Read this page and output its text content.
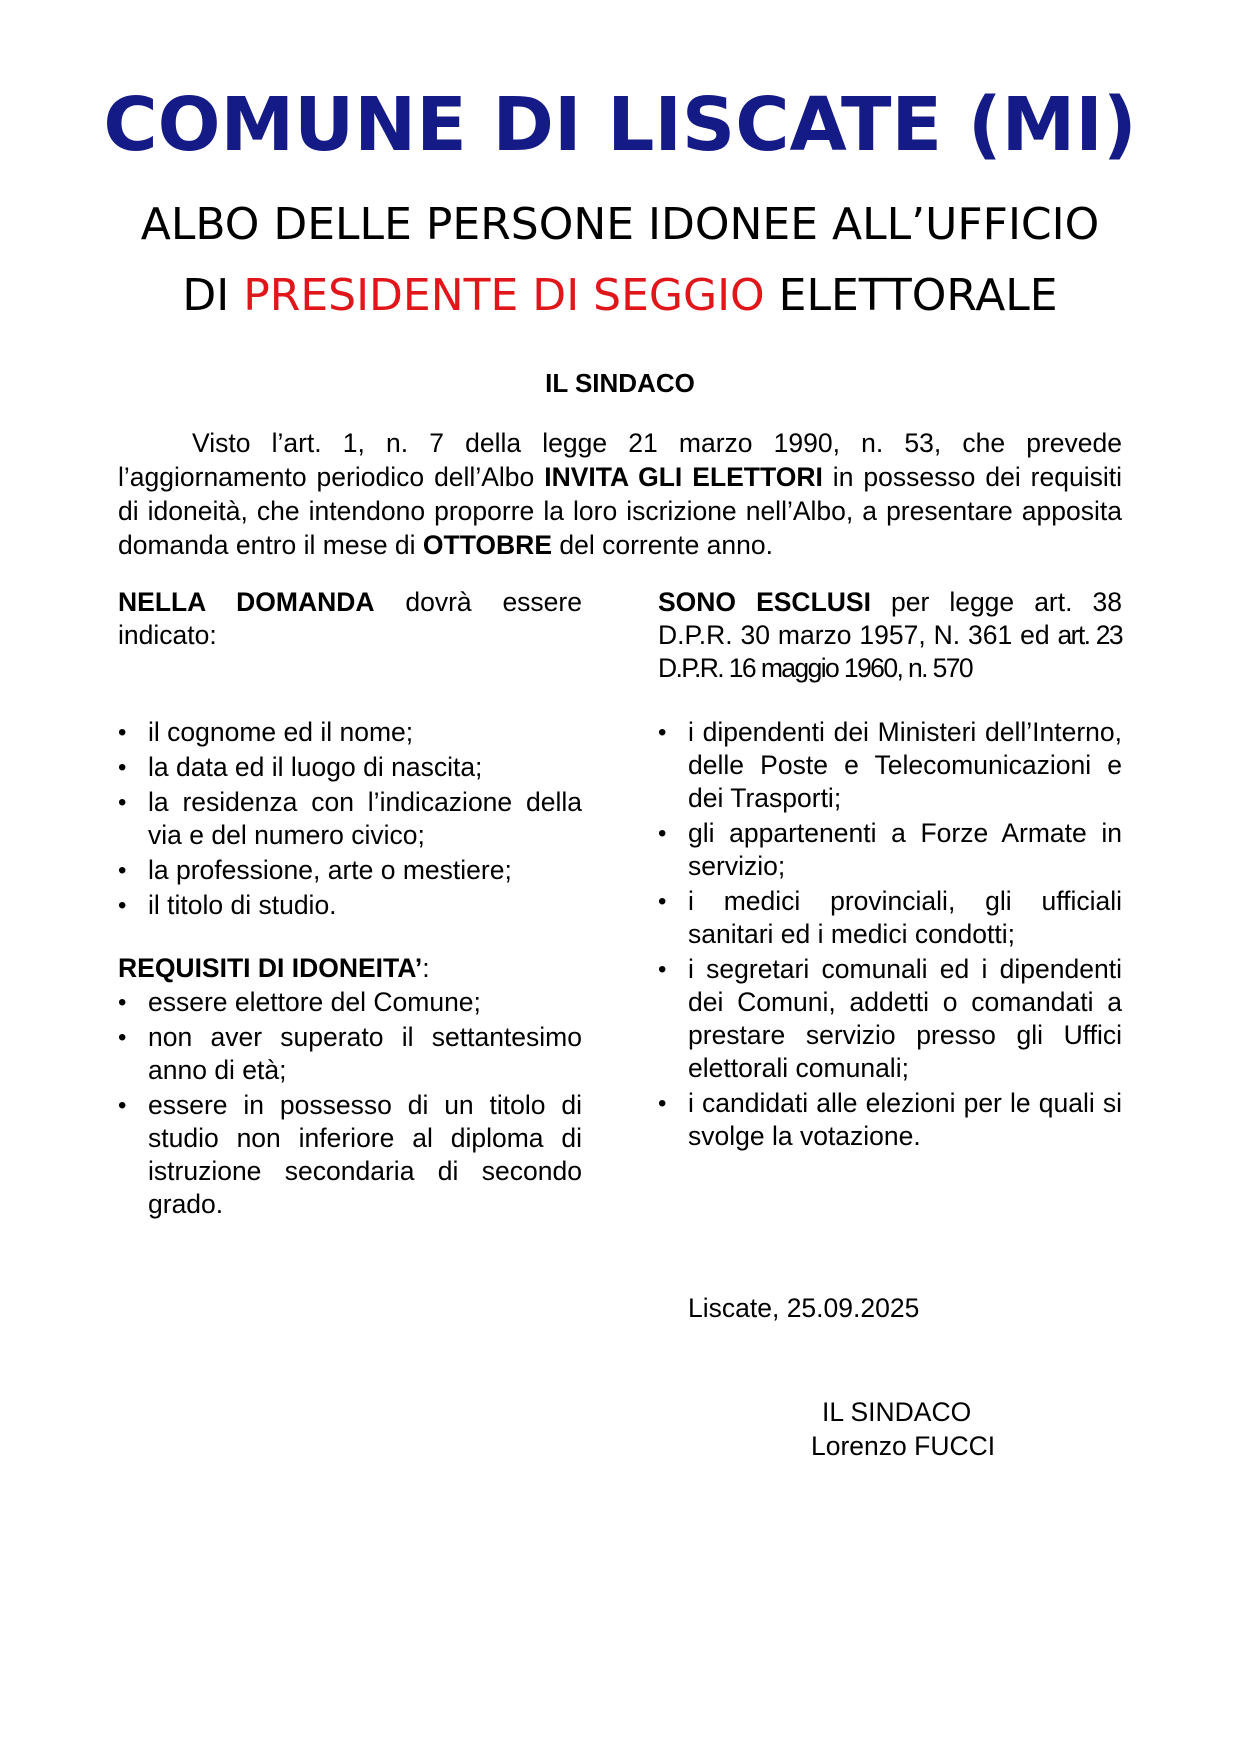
COMUNE DI LISCATE (MI)
ALBO DELLE PERSONE IDONEE ALL’UFFICIO
DI PRESIDENTE DI SEGGIO ELETTORALE
IL SINDACO

Visto l’art. 1, n. 7 della legge 21 marzo 1990, n. 53, che prevede l’aggiornamento periodico dell’Albo INVITA GLI ELETTORI in possesso dei requisiti di idoneità, che intendono proporre la loro iscrizione nell’Albo, a presentare apposita domanda entro il mese di OTTOBRE del corrente anno.

NELLA DOMANDA dovrà essere indicato:

• il cognome ed il nome;
• la data ed il luogo di nascita;
• la residenza con l’indicazione della via e del numero civico;
• la professione, arte o mestiere;
• il titolo di studio.

REQUISITI DI IDONEITA’:

• essere elettore del Comune;
• non aver superato il settantesimo anno di età;
• essere in possesso di un titolo di studio non inferiore al diploma di istruzione secondaria di secondo grado.

SONO ESCLUSI per legge art. 38 D.P.R. 30 marzo 1957, N. 361 ed art. 23 D.P.R. 16 maggio 1960, n. 570

• i dipendenti dei Ministeri dell’Interno, delle Poste e Telecomunicazioni e dei Trasporti;
• gli appartenenti a Forze Armate in servizio;
• i medici provinciali, gli ufficiali sanitari ed i medici condotti;
• i segretari comunali ed i dipendenti dei Comuni, addetti o comandati a prestare servizio presso gli Uffici elettorali comunali;
• i candidati alle elezioni per le quali si svolge la votazione.
Liscate, 25.09.2025
IL SINDACO
Lorenzo FUCCI
